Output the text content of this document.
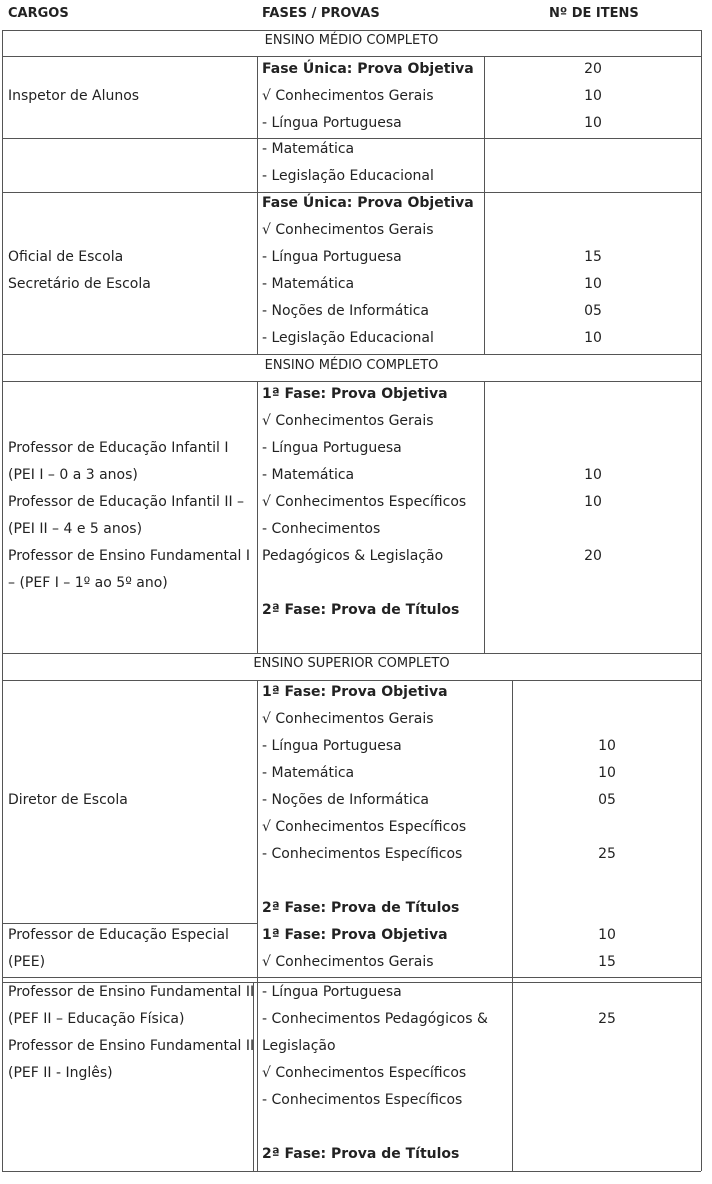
CARGOS	FASES / PROVAS	Nº DE ITENS
ENSINO MÉDIO COMPLETO
ENSINO MÉDIO COMPLETO
ENSINO SUPERIOR COMPLETO
Inspetor de Alunos
Fase Única: Prova Objetiva
√ Conhecimentos Gerais
- Língua Portuguesa
20
10
10
- Matemática
- Legislação Educacional
Oficial de Escola
Secretário de Escola
Fase Única: Prova Objetiva
√ Conhecimentos Gerais
- Língua Portuguesa
- Matemática
- Noções de Informática
- Legislação Educacional
15
10
05
10
Professor de Educação Infantil I
(PEI I – 0 a 3 anos)
Professor de Educação Infantil II –
(PEI II – 4 e 5 anos)
Professor de Ensino Fundamental I
– (PEF I – 1º ao 5º ano)
1ª Fase: Prova Objetiva
√ Conhecimentos Gerais
- Língua Portuguesa
- Matemática
√ Conhecimentos Específicos
- Conhecimentos
Pedagógicos & Legislação
2ª Fase: Prova de Títulos
10
10
20
Diretor de Escola
1ª Fase: Prova Objetiva
√ Conhecimentos Gerais
- Língua Portuguesa
- Matemática
- Noções de Informática
√ Conhecimentos Específicos
- Conhecimentos Específicos
2ª Fase: Prova de Títulos
10
10
05
25
Professor de Educação Especial
(PEE)
1ª Fase: Prova Objetiva
√ Conhecimentos Gerais
10
15
Professor de Ensino Fundamental II
(PEF II – Educação Física)
Professor de Ensino Fundamental II
(PEF II - Inglês)
- Língua Portuguesa
- Conhecimentos Pedagógicos &
Legislação
√ Conhecimentos Específicos
- Conhecimentos Específicos
2ª Fase: Prova de Títulos
25
